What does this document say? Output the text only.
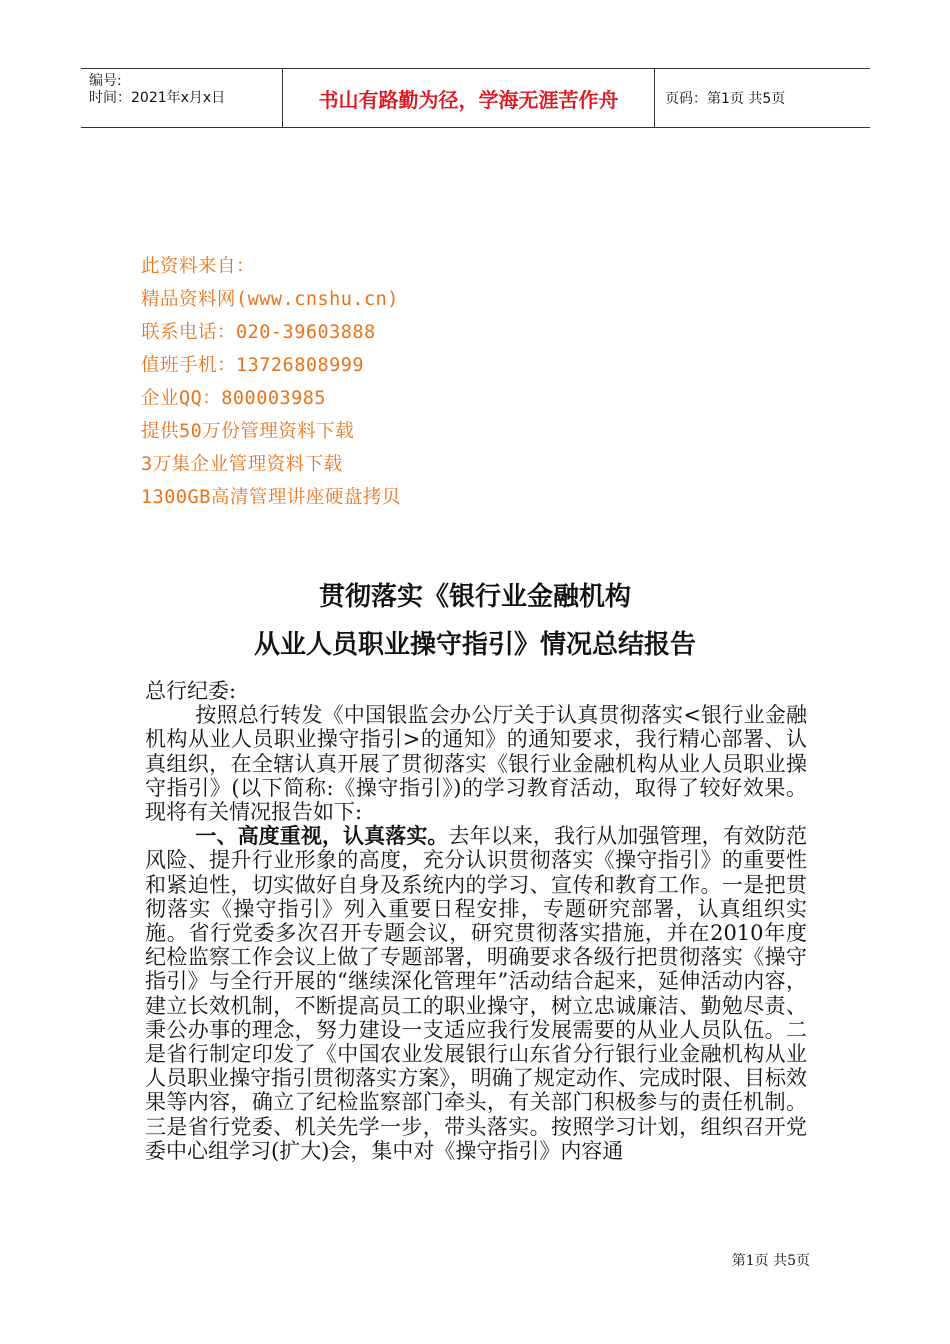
编号:
时间：2021年x月x日	书山有路勤为径，学海无涯苦作舟	页码：第1页 共5页
此资料来自：
精品资料网(www.cnshu.cn)
联系电话：020-39603888
值班手机：13726808999
企业QQ：800003985
提供50万份管理资料下载
3万集企业管理资料下载
1300GB高清管理讲座硬盘拷贝
贯彻落实《银行业金融机构
从业人员职业操守指引》情况总结报告

总行纪委:

按照总行转发《中国银监会办公厅关于认真贯彻落实<银行业金融机构从业人员职业操守指引>的通知》的通知要求，我行精心部署、认真组织，在全辖认真开展了贯彻落实《银行业金融机构从业人员职业操守指引》(以下简称:《操守指引》)的学习教育活动，取得了较好效果。现将有关情况报告如下:

一、高度重视，认真落实。去年以来，我行从加强管理，有效防范风险、提升行业形象的高度，充分认识贯彻落实《操守指引》的重要性和紧迫性，切实做好自身及系统内的学习、宣传和教育工作。一是把贯彻落实《操守指引》列入重要日程安排，专题研究部署，认真组织实施。省行党委多次召开专题会议，研究贯彻落实措施，并在2010年度纪检监察工作会议上做了专题部署，明确要求各级行把贯彻落实《操守指引》与全行开展的“继续深化管理年”活动结合起来，延伸活动内容，建立长效机制，不断提高员工的职业操守，树立忠诚廉洁、勤勉尽责、秉公办事的理念，努力建设一支适应我行发展需要的从业人员队伍。二是省行制定印发了《中国农业发展银行山东省分行银行业金融机构从业人员职业操守指引贯彻落实方案》，明确了规定动作、完成时限、目标效果等内容，确立了纪检监察部门牵头，有关部门积极参与的责任机制。三是省行党委、机关先学一步，带头落实。按照学习计划，组织召开党委中心组学习(扩大)会，集中对《操守指引》内容通

第1页 共5页
